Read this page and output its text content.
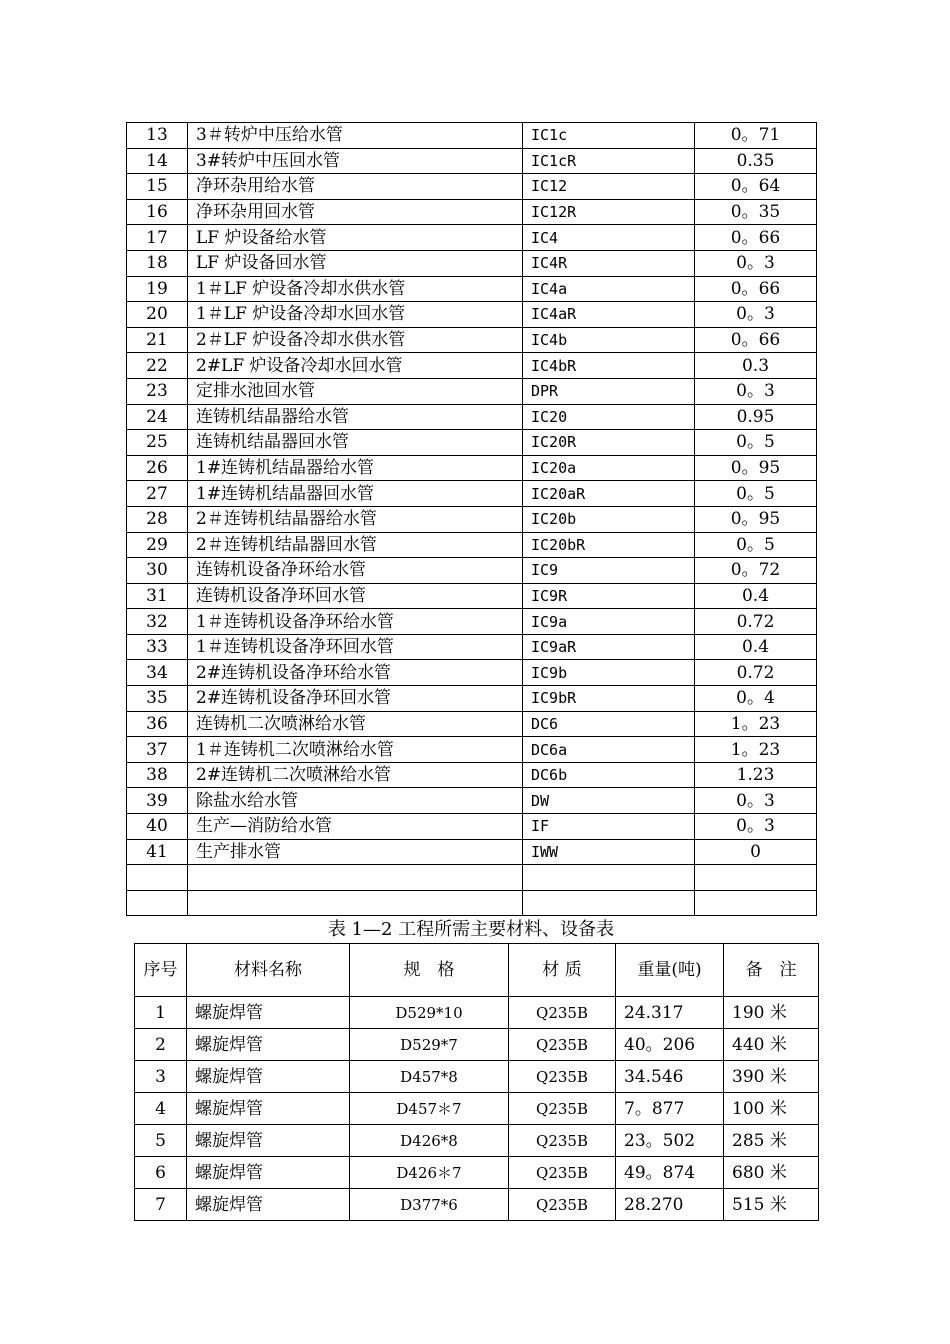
13	3＃转炉中压给水管	IC1c	0。71
14	3#转炉中压回水管	IC1cR	0.35
15	净环杂用给水管	IC12	0。64
16	净环杂用回水管	IC12R	0。35
17	LF 炉设备给水管	IC4	0。66
18	LF 炉设备回水管	IC4R	0。3
19	1＃LF 炉设备冷却水供水管	IC4a	0。66
20	1＃LF 炉设备冷却水回水管	IC4aR	0。3
21	2＃LF 炉设备冷却水供水管	IC4b	0。66
22	2#LF 炉设备冷却水回水管	IC4bR	0.3
23	定排水池回水管	DPR	0。3
24	连铸机结晶器给水管	IC20	0.95
25	连铸机结晶器回水管	IC20R	0。5
26	1#连铸机结晶器给水管	IC20a	0。95
27	1#连铸机结晶器回水管	IC20aR	0。5
28	2＃连铸机结晶器给水管	IC20b	0。95
29	2＃连铸机结晶器回水管	IC20bR	0。5
30	连铸机设备净环给水管	IC9	0。72
31	连铸机设备净环回水管	IC9R	0.4
32	1＃连铸机设备净环给水管	IC9a	0.72
33	1＃连铸机设备净环回水管	IC9aR	0.4
34	2#连铸机设备净环给水管	IC9b	0.72
35	2#连铸机设备净环回水管	IC9bR	0。4
36	连铸机二次喷淋给水管	DC6	1。23
37	1＃连铸机二次喷淋给水管	DC6a	1。23
38	2#连铸机二次喷淋给水管	DC6b	1.23
39	除盐水给水管	DW	0。3
40	生产—消防给水管	IF	0。3
41	生产排水管	IWW	0

表 1—2 工程所需主要材料、设备表
序号	材料名称	规　格	材 质	重量(吨)	备　注
1	螺旋焊管	D529*10	Q235B	24.317	190 米
2	螺旋焊管	D529*7	Q235B	40。206	440 米
3	螺旋焊管	D457*8	Q235B	34.546	390 米
4	螺旋焊管	D457＊7	Q235B	7。877	100 米
5	螺旋焊管	D426*8	Q235B	23。502	285 米
6	螺旋焊管	D426＊7	Q235B	49。874	680 米
7	螺旋焊管	D377*6	Q235B	28.270	515 米
